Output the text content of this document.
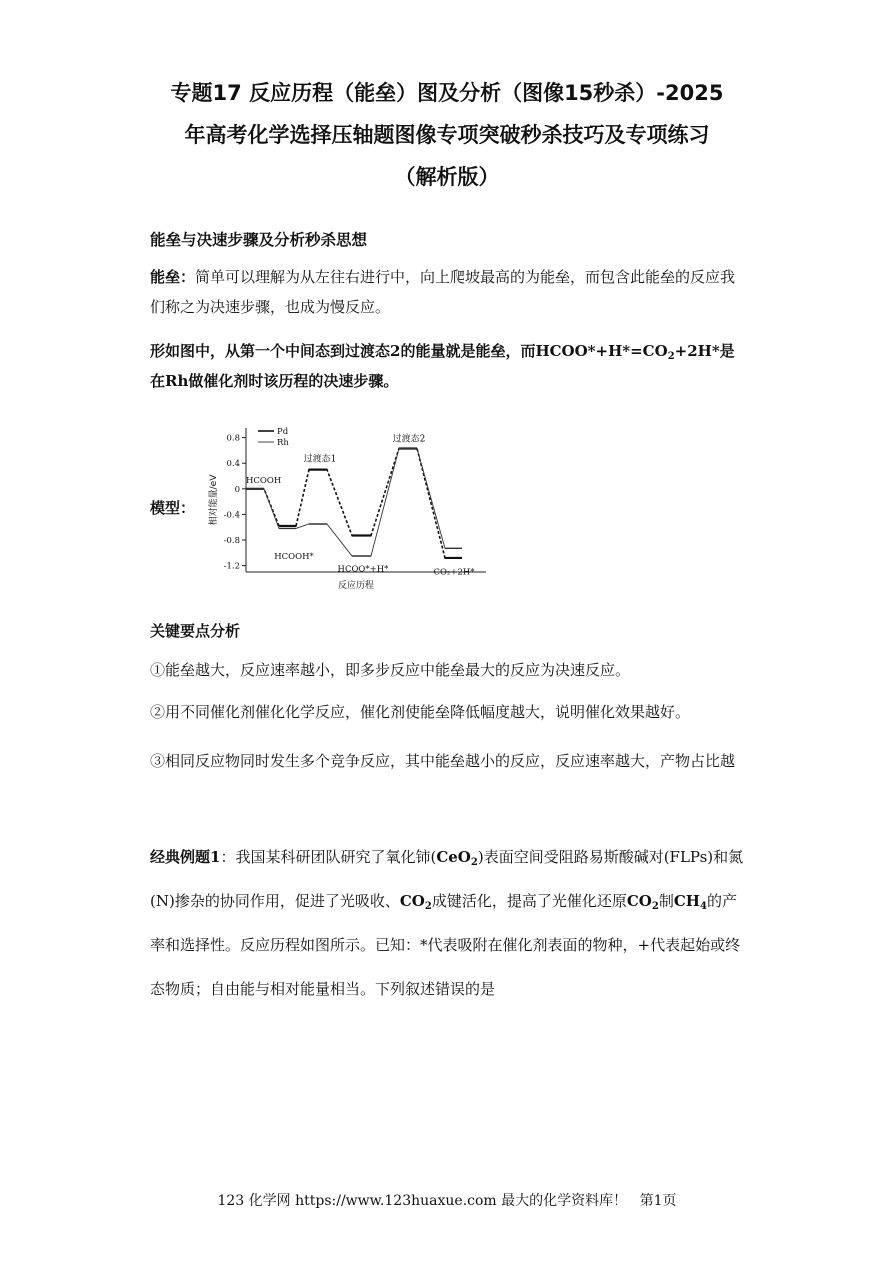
专题17 反应历程（能垒）图及分析（图像15秒杀）-2025
年高考化学选择压轴题图像专项突破秒杀技巧及专项练习
（解析版）
能垒与决速步骤及分析秒杀思想
能垒：简单可以理解为从左往右进行中，向上爬坡最高的为能垒，而包含此能垒的反应我们称之为决速步骤，也成为慢反应。
形如图中，从第一个中间态到过渡态2的能量就是能垒，而$HCOO*+H*=CO_2+2H*$是在Rh做催化剂时该历程的决速步骤。
模型：
0.8
0.4
0
-0.4
-0.8
-1.2
相对能量/eV
反应历程
Pd
Rh
HCOOH
HCOOH*
过渡态1
HCOO*+H*
过渡态2
CO₂+2H*
关键要点分析
①能垒越大，反应速率越小，即多步反应中能垒最大的反应为决速反应。
②用不同催化剂催化化学反应，催化剂使能垒降低幅度越大，说明催化效果越好。
③相同反应物同时发生多个竞争反应，其中能垒越小的反应，反应速率越大，产物占比越
经典例题1：我国某科研团队研究了氧化铈(CeO$_2$)表面空间受阻路易斯酸碱对(FLPs)和氮(N)掺杂的协同作用，促进了光吸收、$CO_2$成键活化，提高了光催化还原$CO_2$制$CH_4$的产率和选择性。反应历程如图所示。已知：*代表吸附在催化剂表面的物种，+代表起始或终态物质；自由能与相对能量相当。下列叙述错误的是
123 化学网 https://www.123huaxue.com 最大的化学资料库！ 第1页
